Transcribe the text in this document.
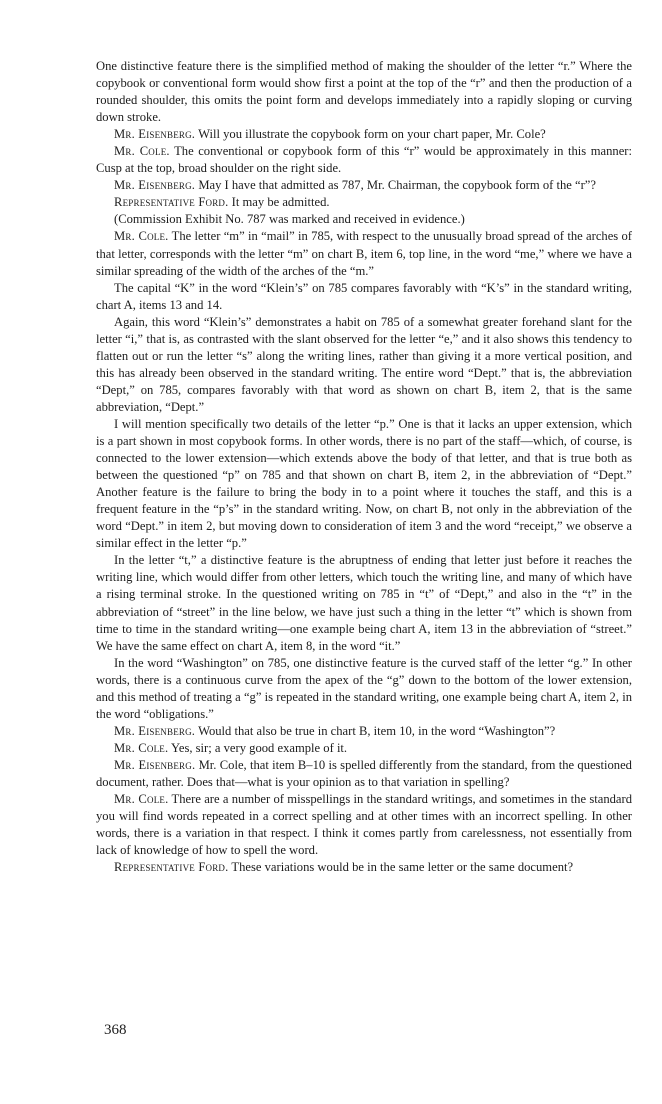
One distinctive feature there is the simplified method of making the shoulder of the letter “r.” Where the copybook or conventional form would show first a point at the top of the “r” and then the production of a rounded shoulder, this omits the point form and develops immediately into a rapidly sloping or curving down stroke.

Mr. Eisenberg. Will you illustrate the copybook form on your chart paper, Mr. Cole?

Mr. Cole. The conventional or copybook form of this “r” would be approximately in this manner: Cusp at the top, broad shoulder on the right side.

Mr. Eisenberg. May I have that admitted as 787, Mr. Chairman, the copybook form of the “r”?

Representative Ford. It may be admitted.

(Commission Exhibit No. 787 was marked and received in evidence.)

Mr. Cole. The letter “m” in “mail” in 785, with respect to the unusually broad spread of the arches of that letter, corresponds with the letter “m” on chart B, item 6, top line, in the word “me,” where we have a similar spreading of the width of the arches of the “m.”

The capital “K” in the word “Klein’s” on 785 compares favorably with “K’s” in the standard writing, chart A, items 13 and 14.

Again, this word “Klein’s” demonstrates a habit on 785 of a somewhat greater forehand slant for the letter “i,” that is, as contrasted with the slant observed for the letter “e,” and it also shows this tendency to flatten out or run the letter “s” along the writing lines, rather than giving it a more vertical position, and this has already been observed in the standard writing. The entire word “Dept.” that is, the abbreviation “Dept,” on 785, compares favorably with that word as shown on chart B, item 2, that is the same abbreviation, “Dept.”

I will mention specifically two details of the letter “p.” One is that it lacks an upper extension, which is a part shown in most copybook forms. In other words, there is no part of the staff—which, of course, is connected to the lower extension—which extends above the body of that letter, and that is true both as between the questioned “p” on 785 and that shown on chart B, item 2, in the abbreviation of “Dept.” Another feature is the failure to bring the body in to a point where it touches the staff, and this is a frequent feature in the “p’s” in the standard writing. Now, on chart B, not only in the abbreviation of the word “Dept.” in item 2, but moving down to consideration of item 3 and the word “receipt,” we observe a similar effect in the letter “p.”

In the letter “t,” a distinctive feature is the abruptness of ending that letter just before it reaches the writing line, which would differ from other letters, which touch the writing line, and many of which have a rising terminal stroke. In the questioned writing on 785 in “t” of “Dept,” and also in the “t” in the abbreviation of “street” in the line below, we have just such a thing in the letter “t” which is shown from time to time in the standard writing—one example being chart A, item 13 in the abbreviation of “street.” We have the same effect on chart A, item 8, in the word “it.”

In the word “Washington” on 785, one distinctive feature is the curved staff of the letter “g.” In other words, there is a continuous curve from the apex of the “g” down to the bottom of the lower extension, and this method of treating a “g” is repeated in the standard writing, one example being chart A, item 2, in the word “obligations.”

Mr. Eisenberg. Would that also be true in chart B, item 10, in the word “Washington”?

Mr. Cole. Yes, sir; a very good example of it.

Mr. Eisenberg. Mr. Cole, that item B–10 is spelled differently from the standard, from the questioned document, rather. Does that—what is your opinion as to that variation in spelling?

Mr. Cole. There are a number of misspellings in the standard writings, and sometimes in the standard you will find words repeated in a correct spelling and at other times with an incorrect spelling. In other words, there is a variation in that respect. I think it comes partly from carelessness, not essentially from lack of knowledge of how to spell the word.

Representative Ford. These variations would be in the same letter or the same document?

368
